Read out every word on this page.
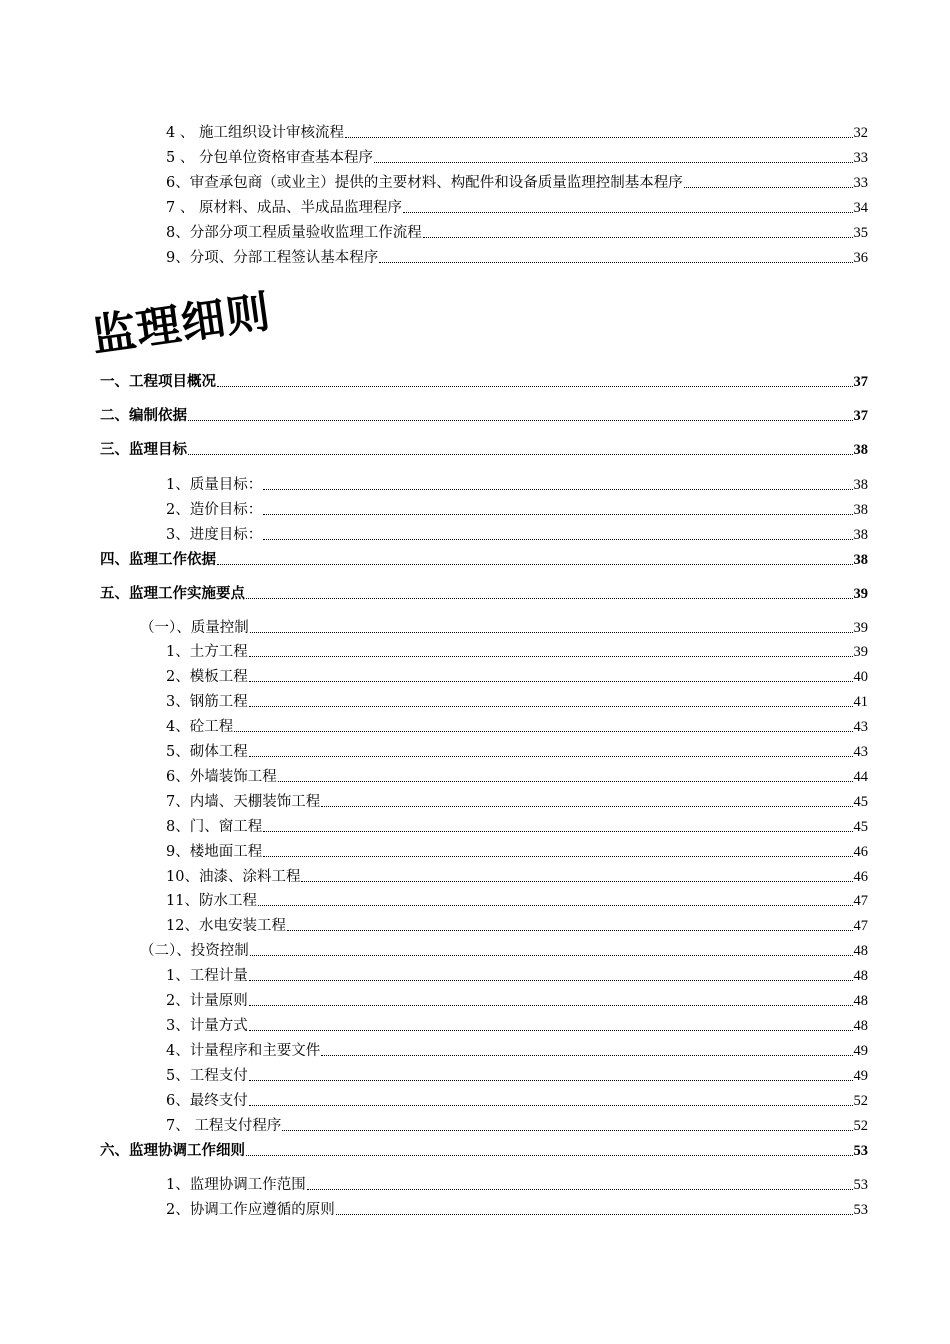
4 、 施工组织设计审核流程	32
5 、 分包单位资格审查基本程序	33
6、审查承包商（或业主）提供的主要材料、构配件和设备质量监理控制基本程序	33
7 、 原材料、成品、半成品监理程序	34
8、分部分项工程质量验收监理工作流程	35
9、分项、分部工程签认基本程序	36
监理细则
一、工程项目概况	37
二、编制依据	37
三、监理目标	38
1、质量目标：	38
2、造价目标：	38
3、进度目标：	38
四、监理工作依据	38
五、监理工作实施要点	39
（一）、质量控制	39
1、土方工程	39
2、模板工程	40
3、钢筋工程	41
4、砼工程	43
5、砌体工程	43
6、外墙装饰工程	44
7、内墙、天棚装饰工程	45
8、门、窗工程	45
9、楼地面工程	46
10、油漆、涂料工程	46
11、防水工程	47
12、水电安装工程	47
（二）、投资控制	48
1、工程计量	48
2、计量原则	48
3、计量方式	48
4、计量程序和主要文件	49
5、工程支付	49
6、最终支付	52
7、 工程支付程序	52
六、监理协调工作细则	53
1、监理协调工作范围	53
2、协调工作应遵循的原则	53
